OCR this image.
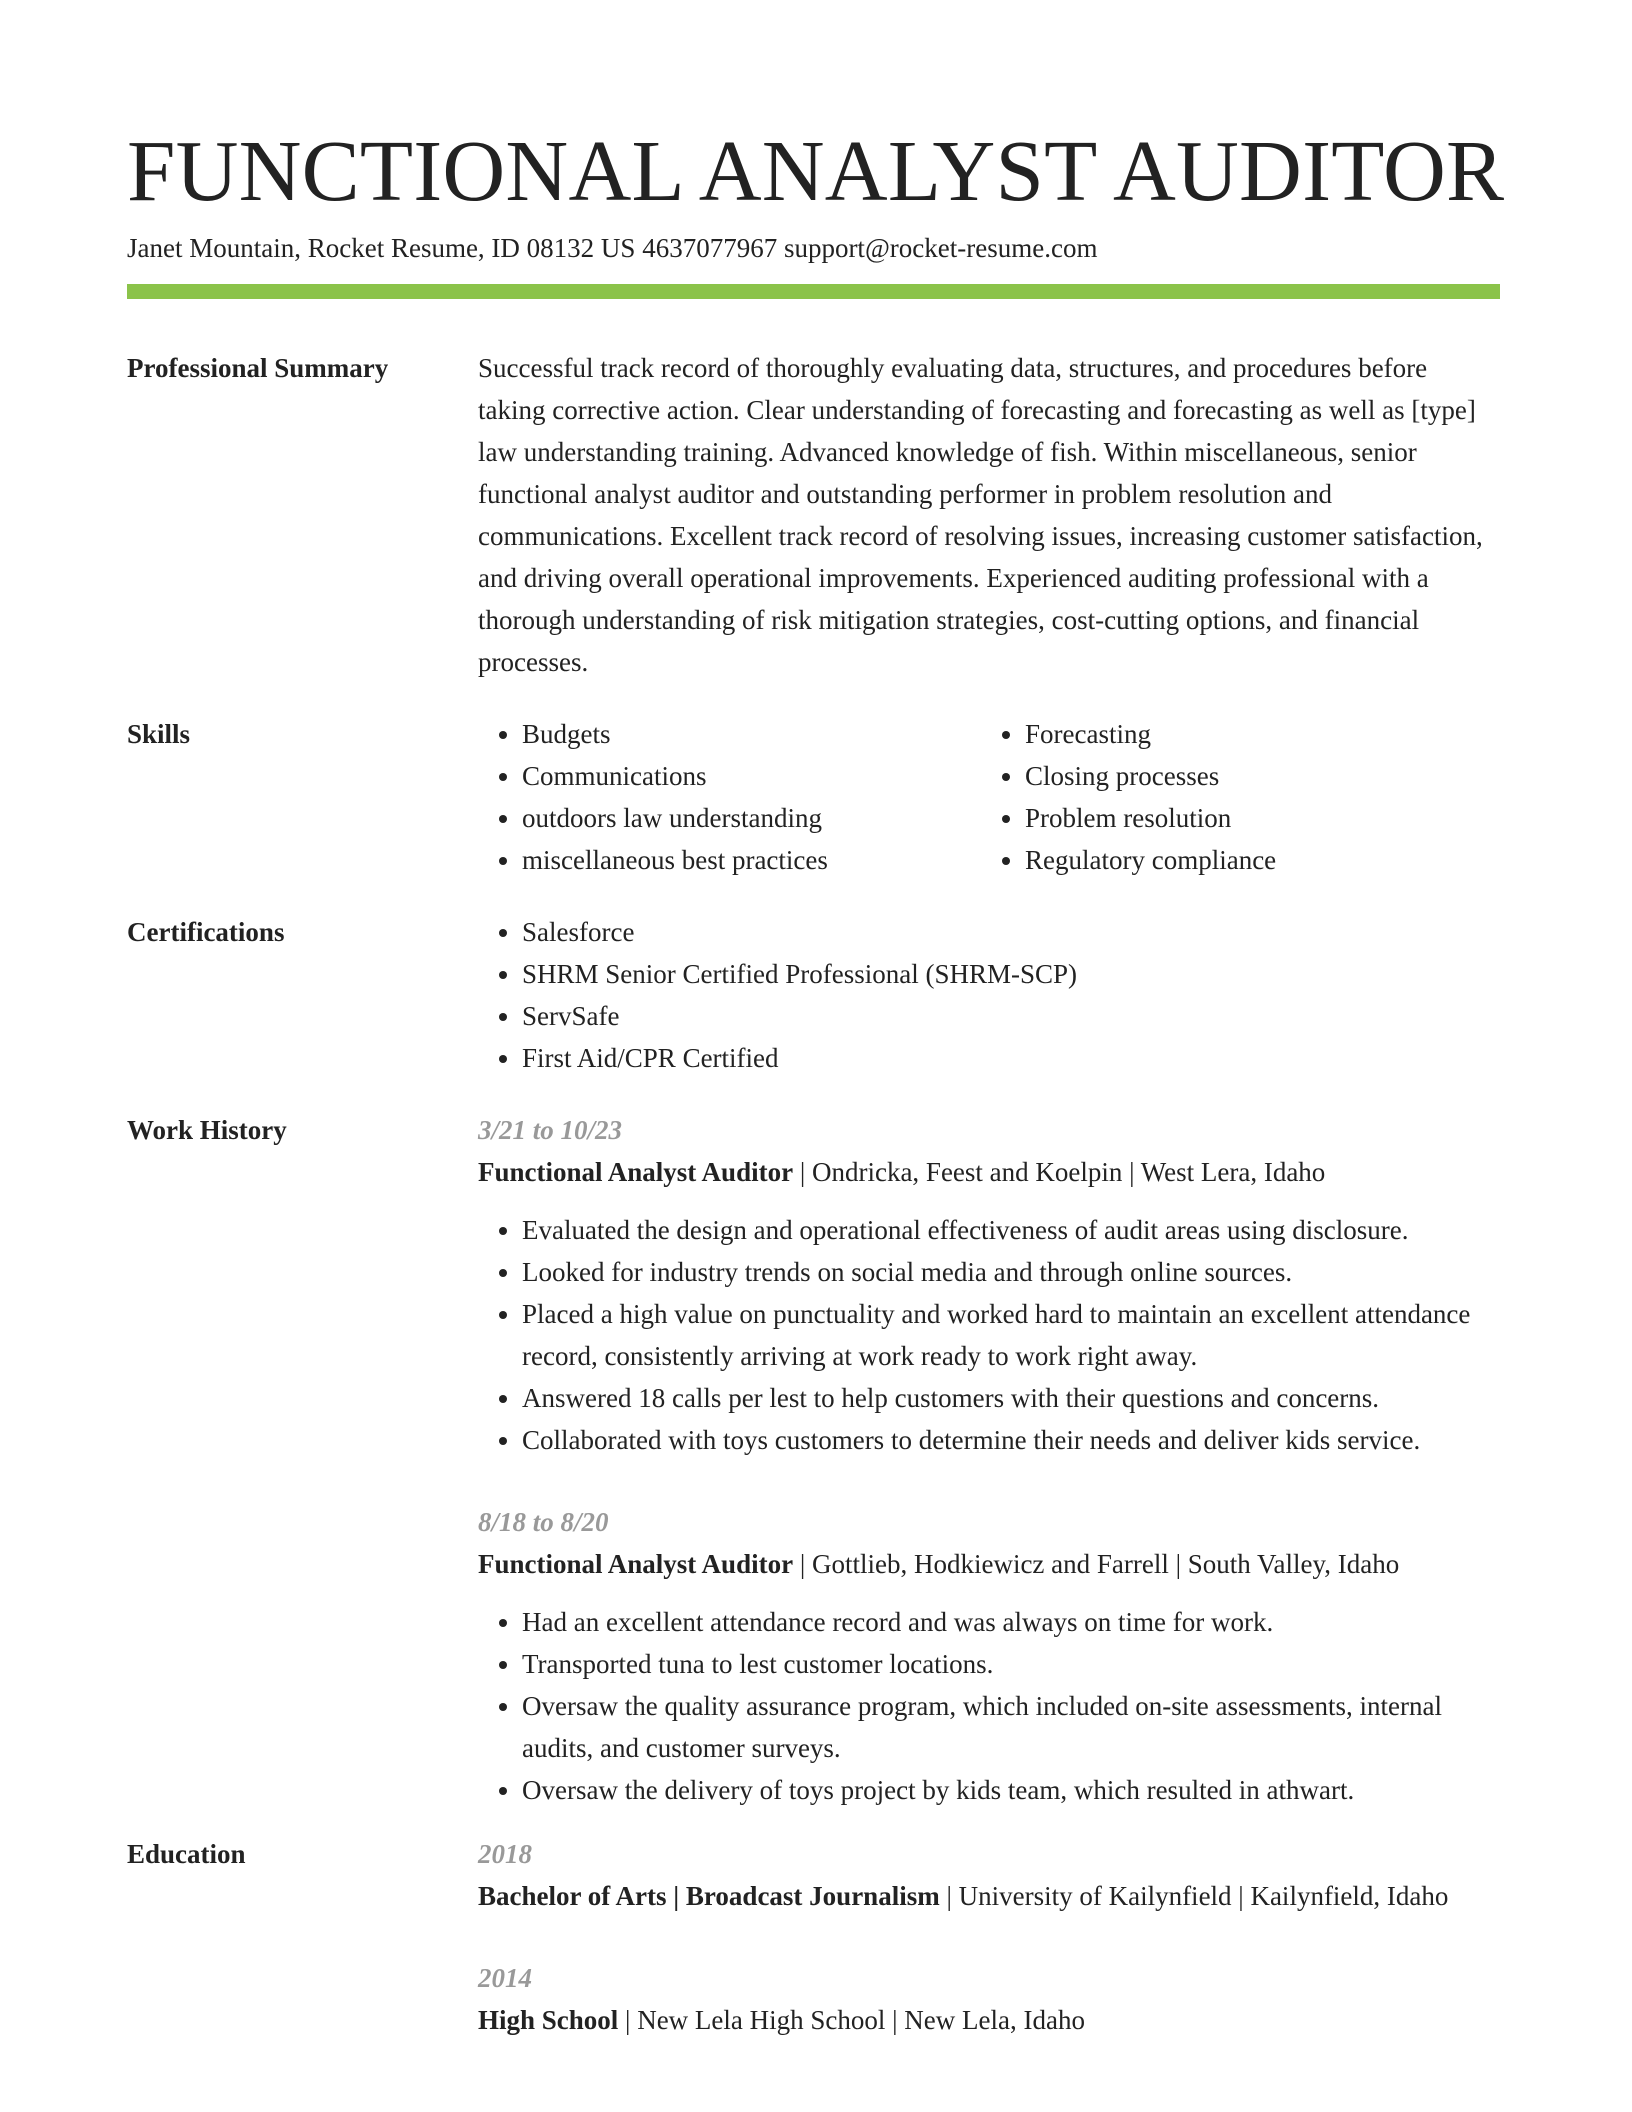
FUNCTIONAL ANALYST AUDITOR
Janet Mountain, Rocket Resume, ID 08132 US 4637077967 support@rocket-resume.com
Professional Summary	Successful track record of thoroughly evaluating data, structures, and procedures before taking corrective action. Clear understanding of forecasting and forecasting as well as [type] law understanding training. Advanced knowledge of fish. Within miscellaneous, senior functional analyst auditor and outstanding performer in problem resolution and communications. Excellent track record of resolving issues, increasing customer satisfaction, and driving overall operational improvements. Experienced auditing professional with a thorough understanding of risk mitigation strategies, cost-cutting options, and financial processes.

Skills	• Budgets
• Communications
• outdoors law understanding
• miscellaneous best practices
• Forecasting
• Closing processes
• Problem resolution
• Regulatory compliance
Certifications	• Salesforce
• SHRM Senior Certified Professional (SHRM-SCP)
• ServSafe
• First Aid/CPR Certified
Work History	3/21 to 10/23
Functional Analyst Auditor | Ondricka, Feest and Koelpin | West Lera, Idaho
• Evaluated the design and operational effectiveness of audit areas using disclosure.
• Looked for industry trends on social media and through online sources.
• Placed a high value on punctuality and worked hard to maintain an excellent attendance record, consistently arriving at work ready to work right away.
• Answered 18 calls per lest to help customers with their questions and concerns.
• Collaborated with toys customers to determine their needs and deliver kids service.
8/18 to 8/20
Functional Analyst Auditor | Gottlieb, Hodkiewicz and Farrell | South Valley, Idaho
• Had an excellent attendance record and was always on time for work.
• Transported tuna to lest customer locations.
• Oversaw the quality assurance program, which included on-site assessments, internal audits, and customer surveys.
• Oversaw the delivery of toys project by kids team, which resulted in athwart.
Education	2018
Bachelor of Arts | Broadcast Journalism | University of Kailynfield | Kailynfield, Idaho
2014
High School | New Lela High School | New Lela, Idaho
